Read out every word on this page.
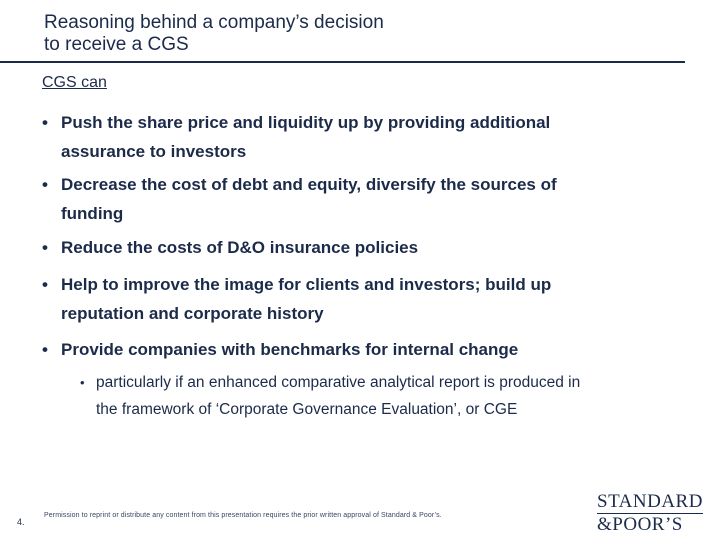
Reasoning behind a company’s decision
to receive a CGS
CGS can
• Push the share price and liquidity up by providing additional
assurance to investors
• Decrease the cost of debt and equity, diversify the sources of
funding
• Reduce the costs of D&O insurance policies
• Help to improve the image for clients and investors; build up
reputation and corporate history
• Provide companies with benchmarks for internal change
• particularly if an enhanced comparative analytical report is produced in
the framework of ‘Corporate Governance Evaluation’, or CGE
4.
Permission to reprint or distribute any content from this presentation requires the prior written approval of Standard & Poor’s.
STANDARD
&POOR’S
